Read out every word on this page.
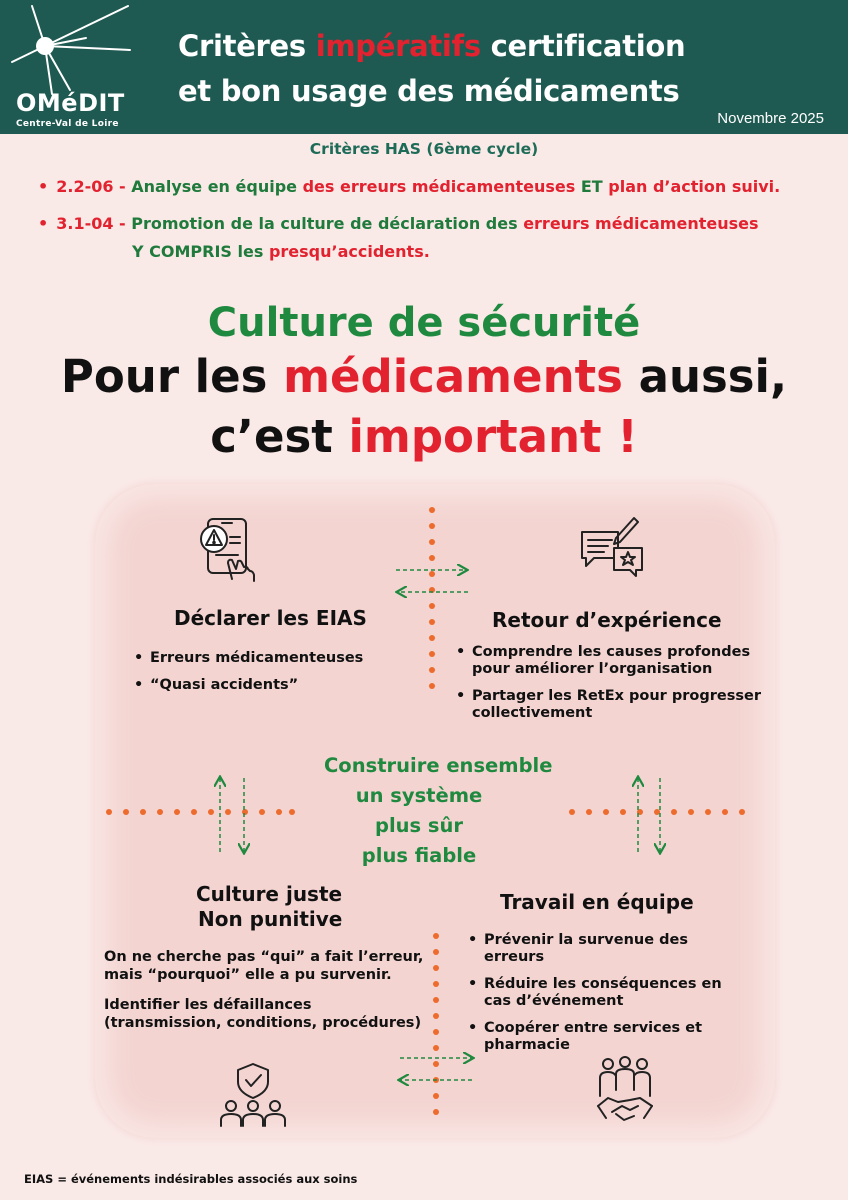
OMéDIT
Centre-Val de Loire
Critères impératifs certification
et bon usage des médicaments
Novembre 2025
Critères HAS (6ème cycle)
• 2.2-06 - Analyse en équipe des erreurs médicamenteuses ET plan d’action suivi.
• 3.1-04 - Promotion de la culture de déclaration des erreurs médicamenteuses
Y COMPRIS les presqu’accidents.
Culture de sécurité
Pour les médicaments aussi,
c’est important !
Déclarer les EIAS
• Erreurs médicamenteuses
• “Quasi accidents”
Retour d’expérience
• Comprendre les causes profondes pour améliorer l’organisation
• Partager les RetEx pour progresser collectivement
Construire ensemble
un système
plus sûr
plus fiable
Culture juste
Non punitive
On ne cherche pas “qui” a fait l’erreur, mais “pourquoi” elle a pu survenir.
Identifier les défaillances (transmission, conditions, procédures)
Travail en équipe
• Prévenir la survenue des erreurs
• Réduire les conséquences en cas d’événement
• Coopérer entre services et pharmacie
EIAS = événements indésirables associés aux soins
